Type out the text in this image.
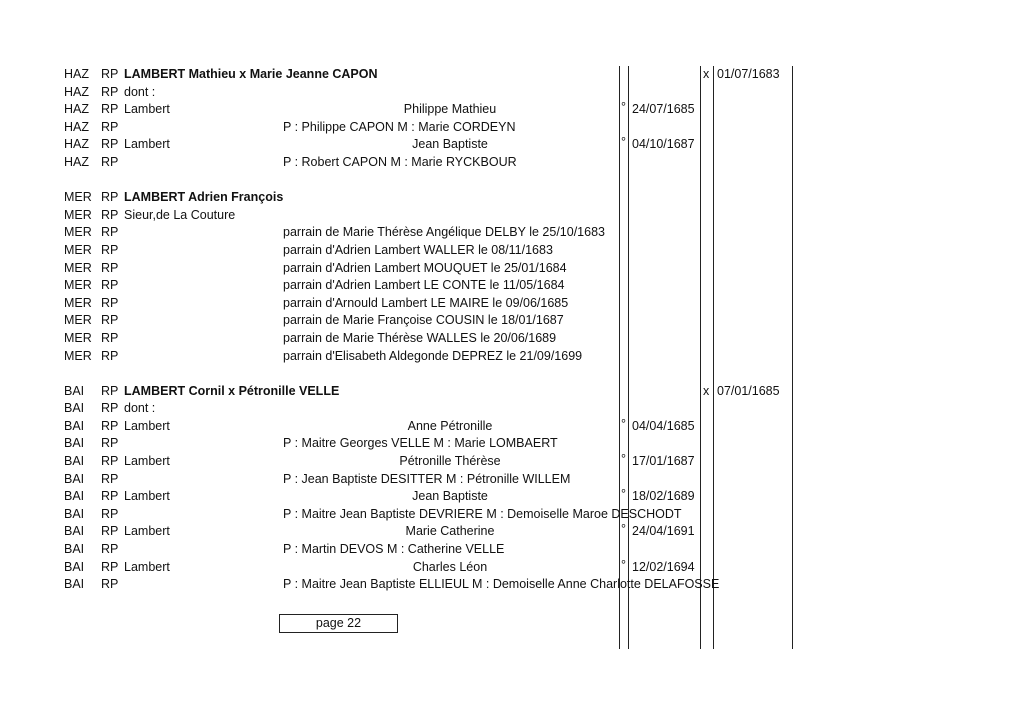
HAZ RP LAMBERT Mathieu x Marie Jeanne CAPON	x 01/07/1683
HAZ RP dont :
HAZ RP Lambert	Philippe Mathieu	° 24/07/1685
HAZ RP	P : Philippe CAPON M : Marie CORDEYN
HAZ RP Lambert	Jean Baptiste	° 04/10/1687
HAZ RP	P : Robert CAPON M : Marie RYCKBOUR
MER RP LAMBERT Adrien François
MER RP Sieur,de La Couture
MER RP	parrain de Marie Thérèse Angélique DELBY le 25/10/1683
MER RP	parrain d'Adrien Lambert WALLER le 08/11/1683
MER RP	parrain d'Adrien Lambert MOUQUET le 25/01/1684
MER RP	parrain d'Adrien Lambert LE CONTE le 11/05/1684
MER RP	parrain d'Arnould Lambert LE MAIRE le 09/06/1685
MER RP	parrain de Marie Françoise COUSIN le 18/01/1687
MER RP	parrain de Marie Thérèse WALLES le 20/06/1689
MER RP	parrain d'Elisabeth Aldegonde DEPREZ le 21/09/1699
BAI RP LAMBERT Cornil x Pétronille VELLE	x 07/01/1685
BAI RP dont :
BAI RP Lambert	Anne Pétronille	° 04/04/1685
BAI RP	P : Maitre Georges VELLE M : Marie LOMBAERT
BAI RP Lambert	Pétronille Thérèse	° 17/01/1687
BAI RP	P : Jean Baptiste DESITTER M : Pétronille WILLEM
BAI RP Lambert	Jean Baptiste	° 18/02/1689
BAI RP	P : Maitre Jean Baptiste DEVRIERE M : Demoiselle Maroe DESCHODT
BAI RP Lambert	Marie Catherine	° 24/04/1691
BAI RP	P : Martin DEVOS M : Catherine VELLE
BAI RP Lambert	Charles Léon	° 12/02/1694
BAI RP	P : Maitre Jean Baptiste ELLIEUL M : Demoiselle Anne Charlotte DELAFOSSE
page 22
